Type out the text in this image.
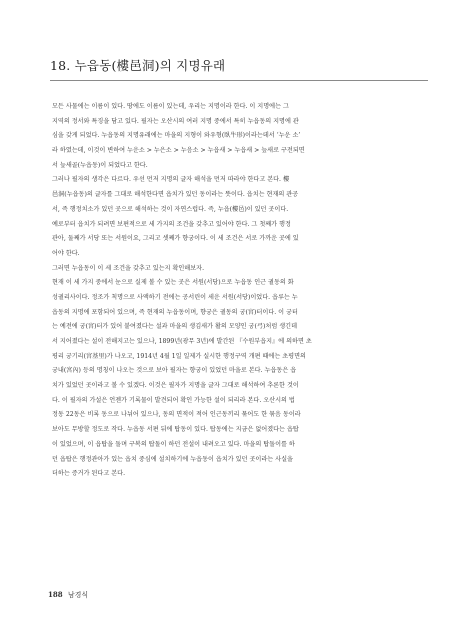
18. 누읍동(樓邑洞)의 지명유래
모든 사물에는 이름이 있다. 땅에도 이름이 있는데, 우리는 지명이라 한다. 이 지명에는 그
지역의 정서와 특징을 담고 있다. 필자는 오산시의 여러 지명 중에서 특히 누읍동의 지명에 관
심을 갖게 되었다. 누읍동의 지명유래에는 마을의 지형이 와우형(臥牛形)이라는데서 ‘누운 소’
라 하였는데, 이것이 변하여 누운소 > 누은소 > 누음소 > 누읍새 > 누읍새 > 늪새로 구전되면
서 늪새골(누읍동)이 되었다고 한다.
그러나 필자의 생각은 다르다. 우선 먼저 지명의 글자 해석을 먼저 따라야 한다고 본다. 樓
邑洞(누읍동)의 글자를 그대로 해석한다면 읍치가 있던 동이라는 뜻이다. 읍치는 현재의 관공
서, 즉 행정치소가 있던 곳으로 해석하는 것이 자연스럽다. 즉, 누읍(樓邑)이 있던 곳이다.
예로부터 읍치가 되려면 보편적으로 세 가지의 조건을 갖추고 있어야 한다. 그 첫째가 행정
관아, 둘째가 서당 또는 서원이요, 그리고 셋째가 향궁이다. 이 세 조건은 서로 가까운 곳에 있
어야 한다.
그러면 누읍동이 이 세 조건을 갖추고 있는지 확인해보자.
현재 이 세 가지 중에서 눈으로 실제 볼 수 있는 곳은 서원(서당)으로 누읍동 인근 궐동의 화
성궐리사이다. 정조가 칙명으로 사액하기 전에는 공서린이 세운 서원(서당)이었다. 읍루는 누
읍동의 지명에 포함되어 있으며, 즉 현재의 누읍동이며, 향궁은 궐동의 궁(宮)터이다. 이 궁터
는 예전에 궁(宮)터가 있어 붙여졌다는 설과 마을의 생김새가 활의 모양인 궁(弓)처럼 생긴데
서 지어졌다는 설이 전해지고는 있으나, 1899년(광무 3년)에 발간된 『수원부읍지』에 의하면 초
평리 궁기리(宮基里)가 나오고, 1914년 4월 1일 일제가 실시한 행정구역 개편 때에는 초평면의
궁내(宮內) 등의 명칭이 나오는 것으로 보아 필자는 향궁이 있었던 마을로 본다. 누읍동은 읍
치가 있었던 곳이라고 볼 수 있겠다. 이것은 필자가 지명을 글자 그대로 해석하여 추론한 것이
다. 이 필자의 가설은 언젠가 기록물이 발견되어 확인 가능한 설이 되리라 본다. 오산시의 법
정동 22동은 비록 동으로 나뉘어 있으나, 동의 면적이 적어 인근동끼리 묶어도 한 묶음 동이라
보아도 무방할 정도로 작다. 누읍동 서편 뒤에 탑동이 있다. 탑동에는 지금은 없어졌다는 읍탑
이 있었으며, 이 읍탑을 돌며 구복의 탑돌이 하던 전설이 내려오고 있다. 마을의 탑돌이를 하
던 읍탑은 행정관아가 있는 읍치 중심에 설치하기에 누읍동이 읍치가 있던 곳이라는 사실을
더하는 증거가 된다고 본다.
188 남경식
